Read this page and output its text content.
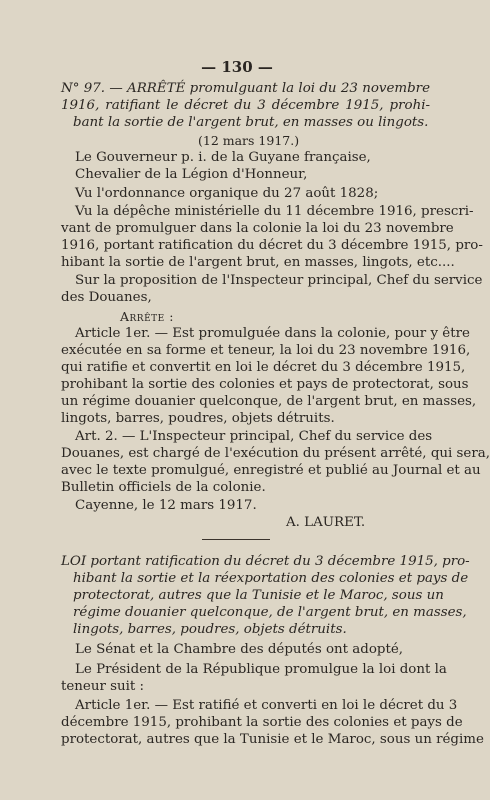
— 130 —
N° 97. — ARRÊTÉ promulguant la loi du 23 novembre
1916, ratifiant le décret du 3 décembre 1915, prohi-
bant la sortie de l'argent brut, en masses ou lingots.
(12 mars 1917.)
Le Gouverneur p. i. de la Guyane française,
Chevalier de la Légion d'Honneur,
Vu l'ordonnance organique du 27 août 1828;
Vu la dépêche ministérielle du 11 décembre 1916, prescri-
vant de promulguer dans la colonie la loi du 23 novembre
1916, portant ratification du décret du 3 décembre 1915, pro-
hibant la sortie de l'argent brut, en masses, lingots, etc....
Sur la proposition de l'Inspecteur principal, Chef du service
des Douanes,
Arrête :
Article 1er. — Est promulguée dans la colonie, pour y être
exécutée en sa forme et teneur, la loi du 23 novembre 1916,
qui ratifie et convertit en loi le décret du 3 décembre 1915,
prohibant la sortie des colonies et pays de protectorat, sous
un régime douanier quelconque, de l'argent brut, en masses,
lingots, barres, poudres, objets détruits.
Art. 2. — L'Inspecteur principal, Chef du service des
Douanes, est chargé de l'exécution du présent arrêté, qui sera,
avec le texte promulgué, enregistré et publié au Journal et au
Bulletin officiels de la colonie.
Cayenne, le 12 mars 1917.
A. LAURET.
LOI portant ratification du décret du 3 décembre 1915, pro-
hibant la sortie et la réexportation des colonies et pays de
protectorat, autres que la Tunisie et le Maroc, sous un
régime douanier quelconque, de l'argent brut, en masses,
lingots, barres, poudres, objets détruits.
Le Sénat et la Chambre des députés ont adopté,
Le Président de la République promulgue la loi dont la
teneur suit :
Article 1er. — Est ratifié et converti en loi le décret du 3
décembre 1915, prohibant la sortie des colonies et pays de
protectorat, autres que la Tunisie et le Maroc, sous un régime
